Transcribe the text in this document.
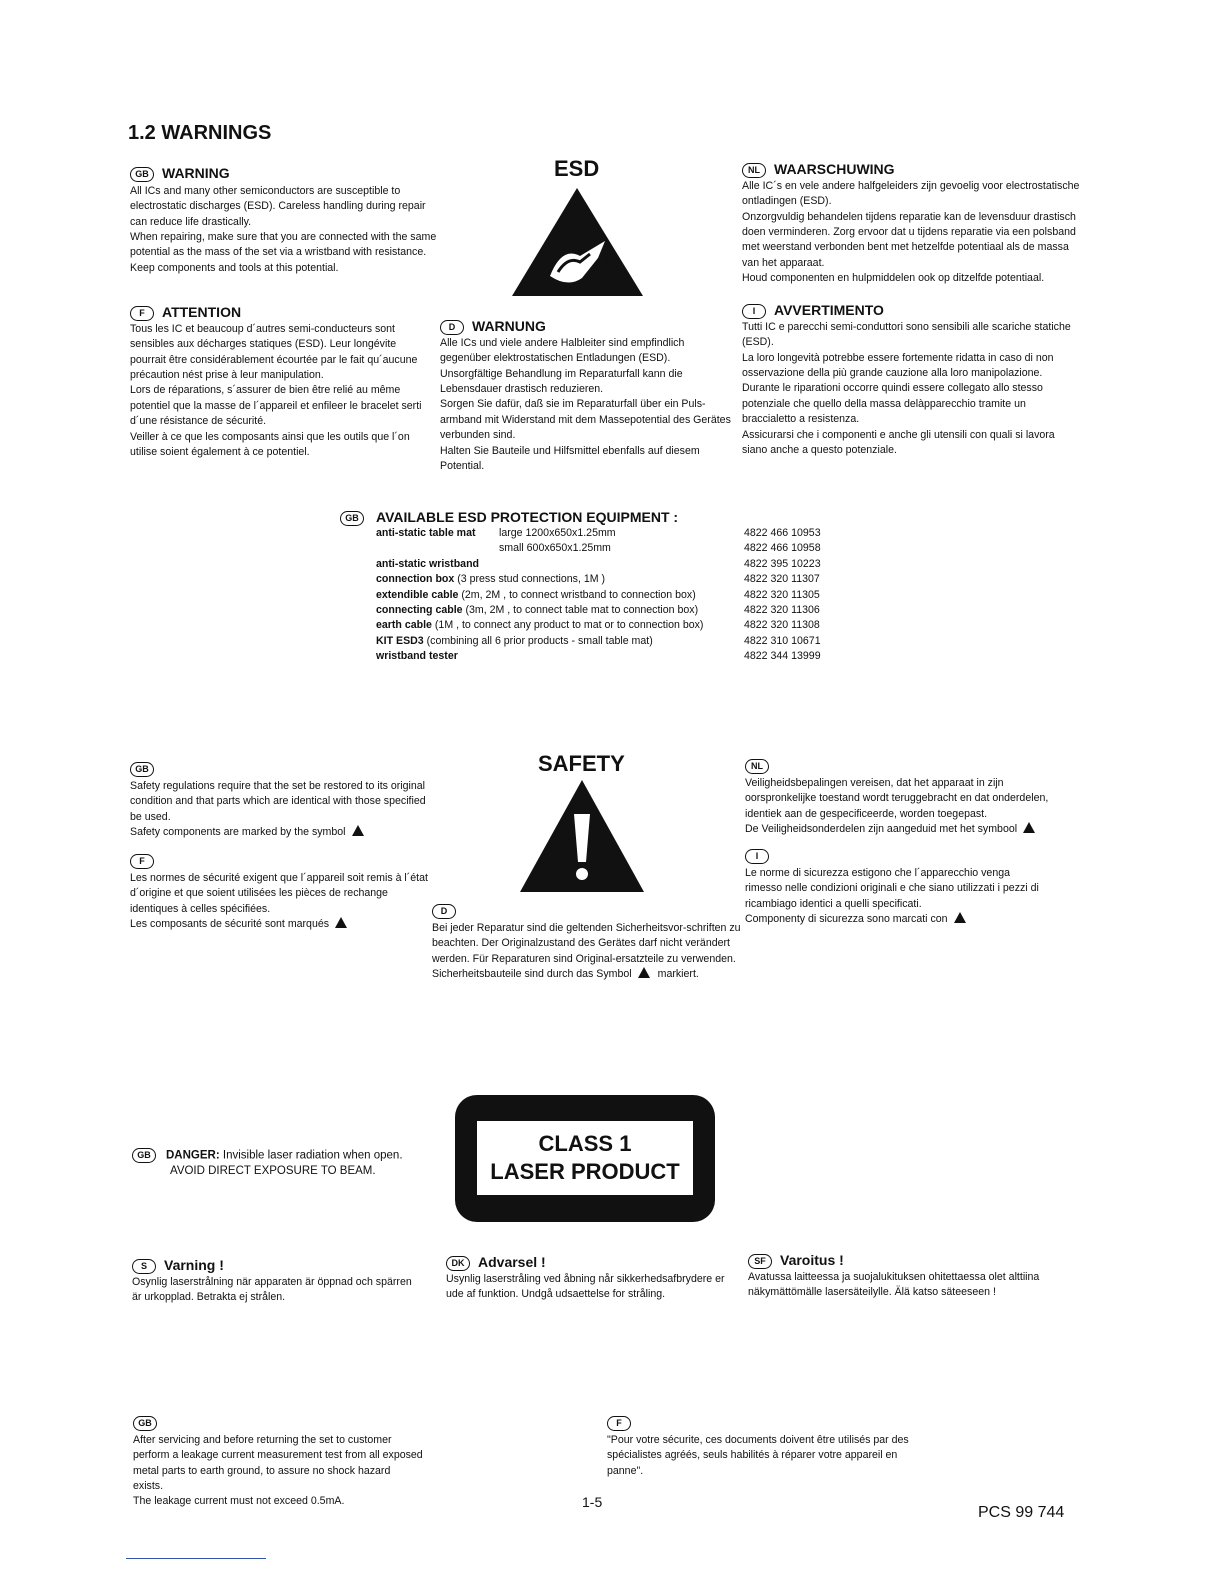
1.2 WARNINGS
GB WARNING
All ICs and many other semiconductors are susceptible to electrostatic discharges (ESD). Careless handling during repair can reduce life drastically.
When repairing, make sure that you are connected with the same potential as the mass of the set via a wristband with resistance. Keep components and tools at this potential.
ESD	NL WAARSCHUWING
Alle IC´s en vele andere halfgeleiders zijn gevoelig voor electrostatische ontladingen (ESD).
Onzorgvuldig behandelen tijdens reparatie kan de levensduur drastisch doen verminderen. Zorg ervoor dat u tijdens reparatie via een polsband met weerstand verbonden bent met hetzelfde potentiaal als de massa van het apparaat.
Houd componenten en hulpmiddelen ook op ditzelfde potentiaal.
F ATTENTION
Tous les IC et beaucoup d´autres semi-conducteurs sont sensibles aux décharges statiques (ESD). Leur longévite pourrait être considérablement écourtée par le fait qu´aucune précaution nést prise à leur manipulation.
Lors de réparations, s´assurer de bien être relié au même potentiel que la masse de l´appareil et enfileer le bracelet serti d´une résistance de sécurité.
Veiller à ce que les composants ainsi que les outils que l´on utilise soient également à ce potentiel.
D WARNUNG
Alle ICs und viele andere Halbleiter sind empfindlich gegenüber elektrostatischen Entladungen (ESD).
Unsorgfältige Behandlung im Reparaturfall kann die Lebensdauer drastisch reduzieren.
Sorgen Sie dafür, daß sie im Reparaturfall über ein Puls-armband mit Widerstand mit dem Massepotential des Gerätes verbunden sind.
Halten Sie Bauteile und Hilfsmittel ebenfalls auf diesem Potential.
I AVVERTIMENTO
Tutti IC e parecchi semi-conduttori sono sensibili alle scariche statiche (ESD).
La loro longevità potrebbe essere fortemente ridatta in caso di non osservazione della più grande cauzione alla loro manipolazione. Durante le riparationi occorre quindi essere collegato allo stesso potenziale che quello della massa delàpparecchio tramite un braccialetto a resistenza.
Assicurarsi che i componenti e anche gli utensili con quali si lavora siano anche a questo potenziale.
GB AVAILABLE ESD PROTECTION EQUIPMENT :
anti-static table mat large 1200x650x1.25mm	4822 466 10953
small 600x650x1.25mm	4822 466 10958
anti-static wristband	4822 395 10223
connection box (3 press stud connections, 1M )	4822 320 11307
extendible cable (2m, 2M , to connect wristband to connection box)	4822 320 11305
connecting cable (3m, 2M , to connect table mat to connection box)	4822 320 11306
earth cable (1M , to connect any product to mat or to connection box)	4822 320 11308
KIT ESD3 (combining all 6 prior products - small table mat)	4822 310 10671
wristband tester	4822 344 13999
SAFETY
GB
Safety regulations require that the set be restored to its original condition and that parts which are identical with those specified be used.
Safety components are marked by the symbol
F
Les normes de sécurité exigent que l´appareil soit remis à l´état d´origine et que soient utilisées les pièces de rechange identiques à celles spécifiées.
Les composants de sécurité sont marqués
D
Bei jeder Reparatur sind die geltenden Sicherheitsvor-schriften zu beachten. Der Originalzustand des Gerätes darf nicht verändert werden. Für Reparaturen sind Original-ersatzteile zu verwenden.
Sicherheitsbauteile sind durch das Symbol markiert.
NL
Veiligheidsbepalingen vereisen, dat het apparaat in zijn oorspronkelijke toestand wordt teruggebracht en dat onderdelen, identiek aan de gespecificeerde, worden toegepast.
De Veiligheidsonderdelen zijn aangeduid met het symbool
I
Le norme di sicurezza estigono che l´apparecchio venga rimesso nelle condizioni originali e che siano utilizzati i pezzi di ricambiago identici a quelli specificati.
Componenty di sicurezza sono marcati con
GB DANGER: Invisible laser radiation when open.
AVOID DIRECT EXPOSURE TO BEAM.
CLASS 1
LASER PRODUCT
S Varning !
Osynlig laserstrålning när apparaten är öppnad och spärren är urkopplad. Betrakta ej strålen.
DK Advarsel !
Usynlig laserstråling ved åbning når sikkerhedsafbrydere er ude af funktion. Undgå udsaettelse for stråling.
SF Varoitus !
Avatussa laitteessa ja suojalukituksen ohitettaessa olet alttiina näkymättömälle lasersäteilylle. Älä katso säteeseen !
GB
After servicing and before returning the set to customer perform a leakage current measurement test from all exposed metal parts to earth ground, to assure no shock hazard exists.
The leakage current must not exceed 0.5mA.
F
"Pour votre sécurite, ces documents doivent être utilisés par des spécialistes agréés, seuls habilités à réparer votre appareil en panne".
1-5
PCS 99 744
